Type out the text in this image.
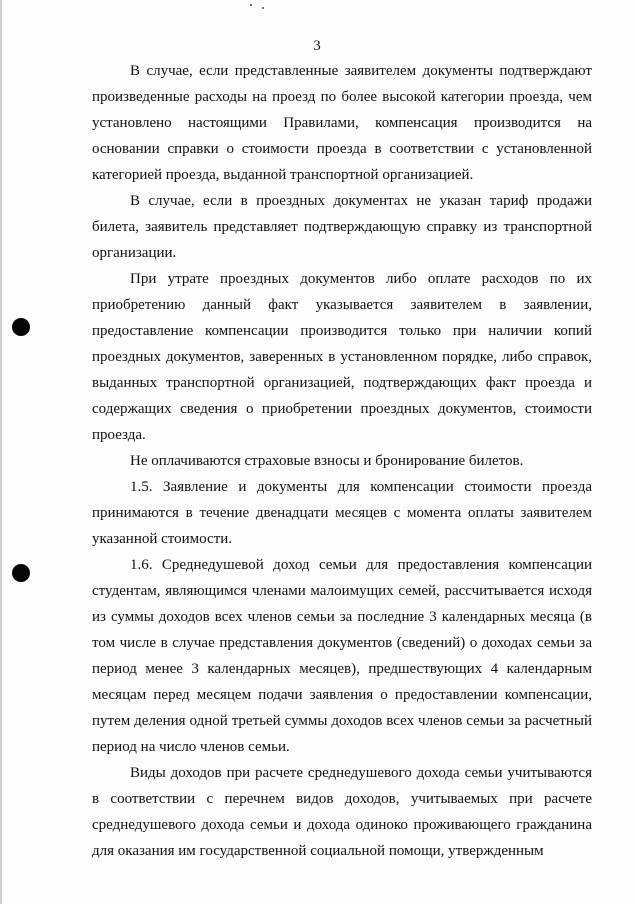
3

В случае, если представленные заявителем документы подтверждают произведенные расходы на проезд по более высокой категории проезда, чем установлено настоящими Правилами, компенсация производится на основании справки о стоимости проезда в соответствии с установленной категорией проезда, выданной транспортной организацией.

В случае, если в проездных документах не указан тариф продажи билета, заявитель представляет подтверждающую справку из транспортной организации.

При утрате проездных документов либо оплате расходов по их приобретению данный факт указывается заявителем в заявлении, предоставление компенсации производится только при наличии копий проездных документов, заверенных в установленном порядке, либо справок, выданных транспортной организацией, подтверждающих факт проезда и содержащих сведения о приобретении проездных документов, стоимости проезда.

Не оплачиваются страховые взносы и бронирование билетов.

1.5. Заявление и документы для компенсации стоимости проезда принимаются в течение двенадцати месяцев с момента оплаты заявителем указанной стоимости.

1.6. Среднедушевой доход семьи для предоставления компенсации студентам, являющимся членами малоимущих семей, рассчитывается исходя из суммы доходов всех членов семьи за последние 3 календарных месяца (в том числе в случае представления документов (сведений) о доходах семьи за период менее 3 календарных месяцев), предшествующих 4 календарным месяцам перед месяцем подачи заявления о предоставлении компенсации, путем деления одной третьей суммы доходов всех членов семьи за расчетный период на число членов семьи.

Виды доходов при расчете среднедушевого дохода семьи учитываются в соответствии с перечнем видов доходов, учитываемых при расчете среднедушевого дохода семьи и дохода одиноко проживающего гражданина для оказания им государственной социальной помощи, утвержденным
